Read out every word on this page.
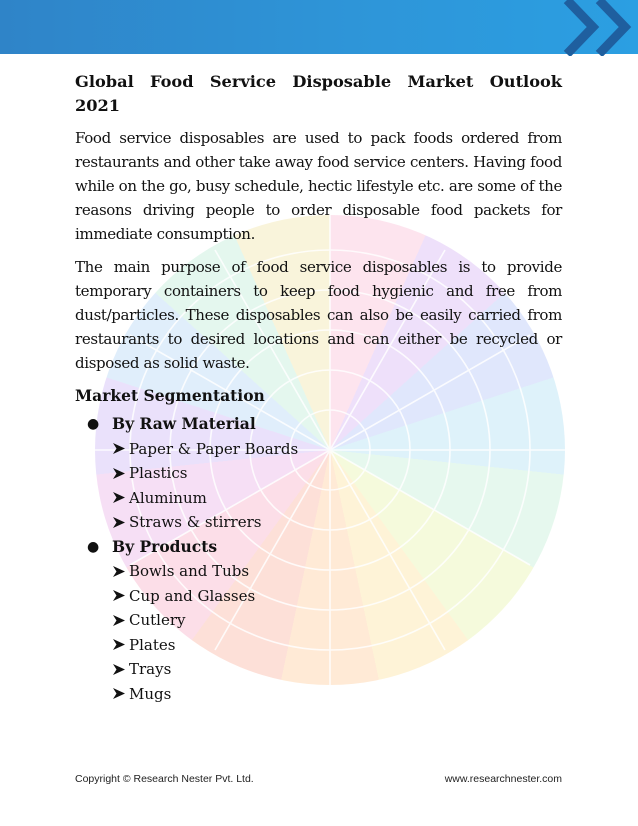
Global Food Service Disposable Market Outlook 2021

Food service disposables are used to pack foods ordered from restaurants and other take away food service centers. Having food while on the go, busy schedule, hectic lifestyle etc. are some of the reasons driving people to order disposable food packets for immediate consumption.

The main purpose of food service disposables is to provide temporary containers to keep food hygienic and free from dust/particles. These disposables can also be easily carried from restaurants to desired locations and can either be recycled or disposed as solid waste.

Market Segmentation
● By Raw Material
Paper & Paper Boards
Plastics
Aluminum
Straws & stirrers
● By Products
Bowls and Tubs
Cup and Glasses
Cutlery
Plates
Trays
Mugs
Copyright © Research Nester Pvt. Ltd.	www.researchnester.com
